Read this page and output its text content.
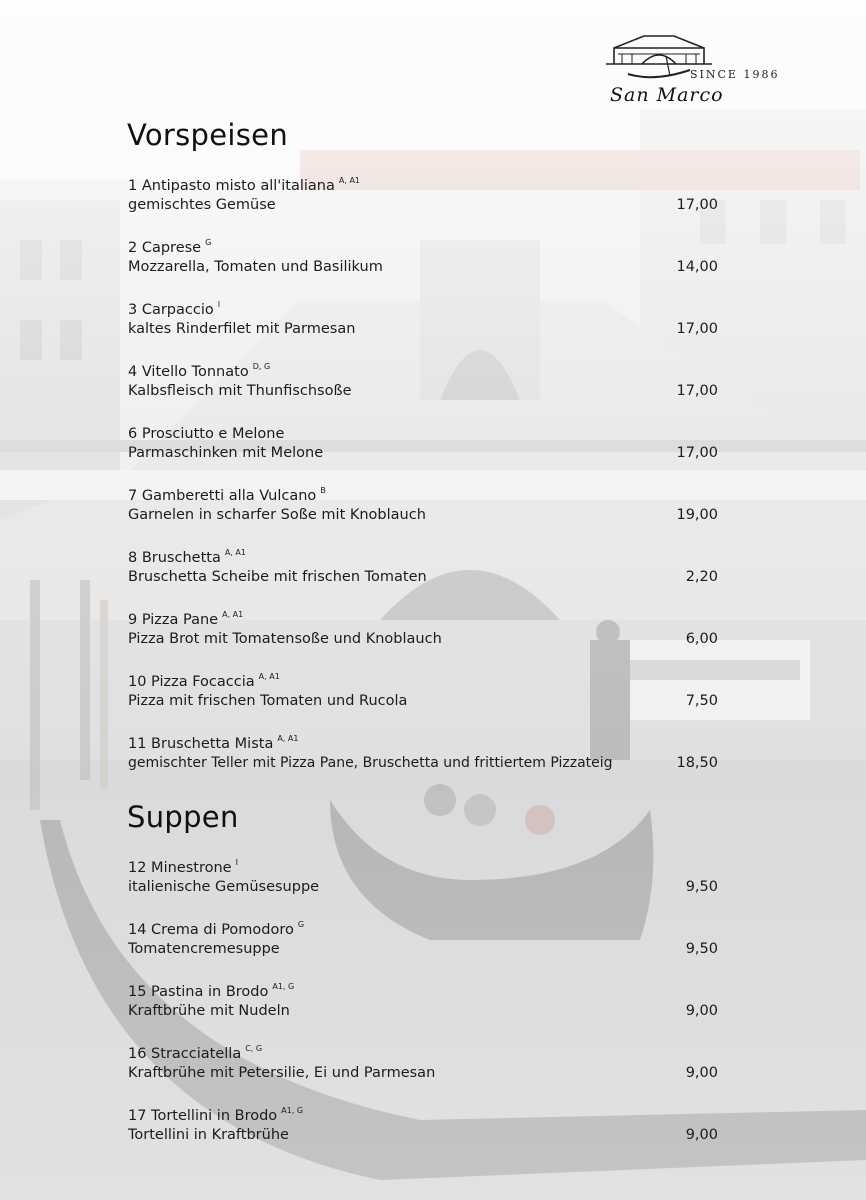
SINCE 1986
San Marco
Vorspeisen
1 Antipasto misto all'italiana $^{A, A1}$
gemischtes Gemüse	17,00
2 Caprese $^G$
Mozzarella, Tomaten und Basilikum	14,00
3 Carpaccio $^I$
kaltes Rinderfilet mit Parmesan	17,00
4 Vitello Tonnato $^{D, G}$
Kalbsfleisch mit Thunfischsoße	17,00
6 Prosciutto e Melone
Parmaschinken mit Melone	17,00
7 Gamberetti alla Vulcano $^B$
Garnelen in scharfer Soße mit Knoblauch	19,00
8 Bruschetta $^{A, A1}$
Bruschetta Scheibe mit frischen Tomaten	2,20
9 Pizza Pane $^{A, A1}$
Pizza Brot mit Tomatensoße und Knoblauch	6,00
10 Pizza Focaccia $^{A, A1}$
Pizza mit frischen Tomaten und Rucola	7,50
11 Bruschetta Mista $^{A, A1}$
gemischter Teller mit Pizza Pane, Bruschetta und frittiertem Pizzateig	18,50
Suppen
12 Minestrone $^I$
italienische Gemüsesuppe	9,50
14 Crema di Pomodoro $^G$
Tomatencremesuppe	9,50
15 Pastina in Brodo $^{A1, G}$
Kraftbrühe mit Nudeln	9,00
16 Stracciatella $^{C, G}$
Kraftbrühe mit Petersilie, Ei und Parmesan	9,00
17 Tortellini in Brodo $^{A1, G}$
Tortellini in Kraftbrühe	9,00
